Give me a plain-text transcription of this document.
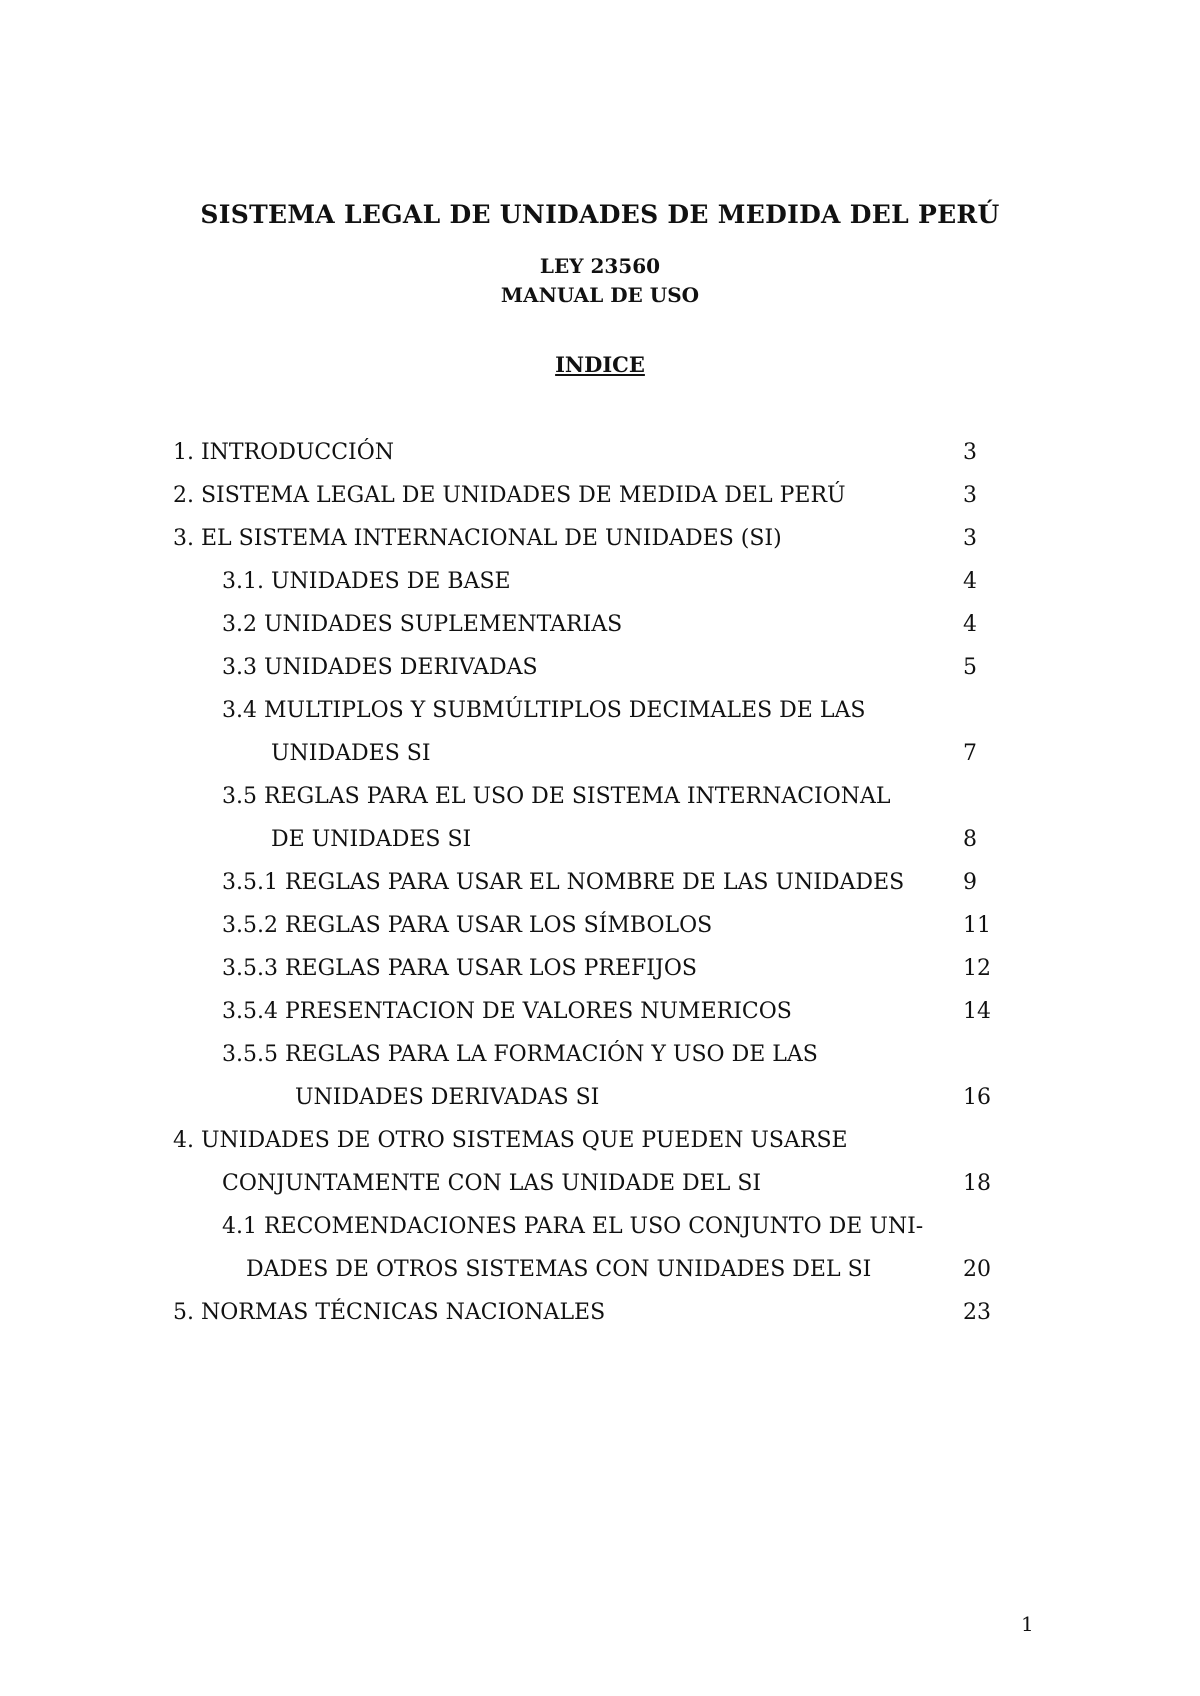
SISTEMA LEGAL DE UNIDADES DE MEDIDA DEL PERÚ

LEY 23560

MANUAL DE USO

INDICE
1. INTRODUCCIÓN	3
2. SISTEMA LEGAL DE UNIDADES DE MEDIDA DEL PERÚ	3
3. EL SISTEMA INTERNACIONAL DE UNIDADES (SI)	3
3.1. UNIDADES DE BASE	4
3.2 UNIDADES SUPLEMENTARIAS	4
3.3 UNIDADES DERIVADAS	5
3.4 MULTIPLOS Y SUBMÚLTIPLOS DECIMALES DE LAS
UNIDADES SI	7
3.5 REGLAS PARA EL USO DE SISTEMA INTERNACIONAL
DE UNIDADES SI	8
3.5.1 REGLAS PARA USAR EL NOMBRE DE LAS UNIDADES	9
3.5.2 REGLAS PARA USAR LOS SÍMBOLOS	11
3.5.3 REGLAS PARA USAR LOS PREFIJOS	12
3.5.4 PRESENTACION DE VALORES NUMERICOS	14
3.5.5 REGLAS PARA LA FORMACIÓN Y USO DE LAS
UNIDADES DERIVADAS SI	16
4. UNIDADES DE OTRO SISTEMAS QUE PUEDEN USARSE
CONJUNTAMENTE CON LAS UNIDADE DEL SI	18
4.1 RECOMENDACIONES PARA EL USO CONJUNTO DE UNI-
DADES DE OTROS SISTEMAS CON UNIDADES DEL SI	20
5. NORMAS TÉCNICAS NACIONALES	23
1
